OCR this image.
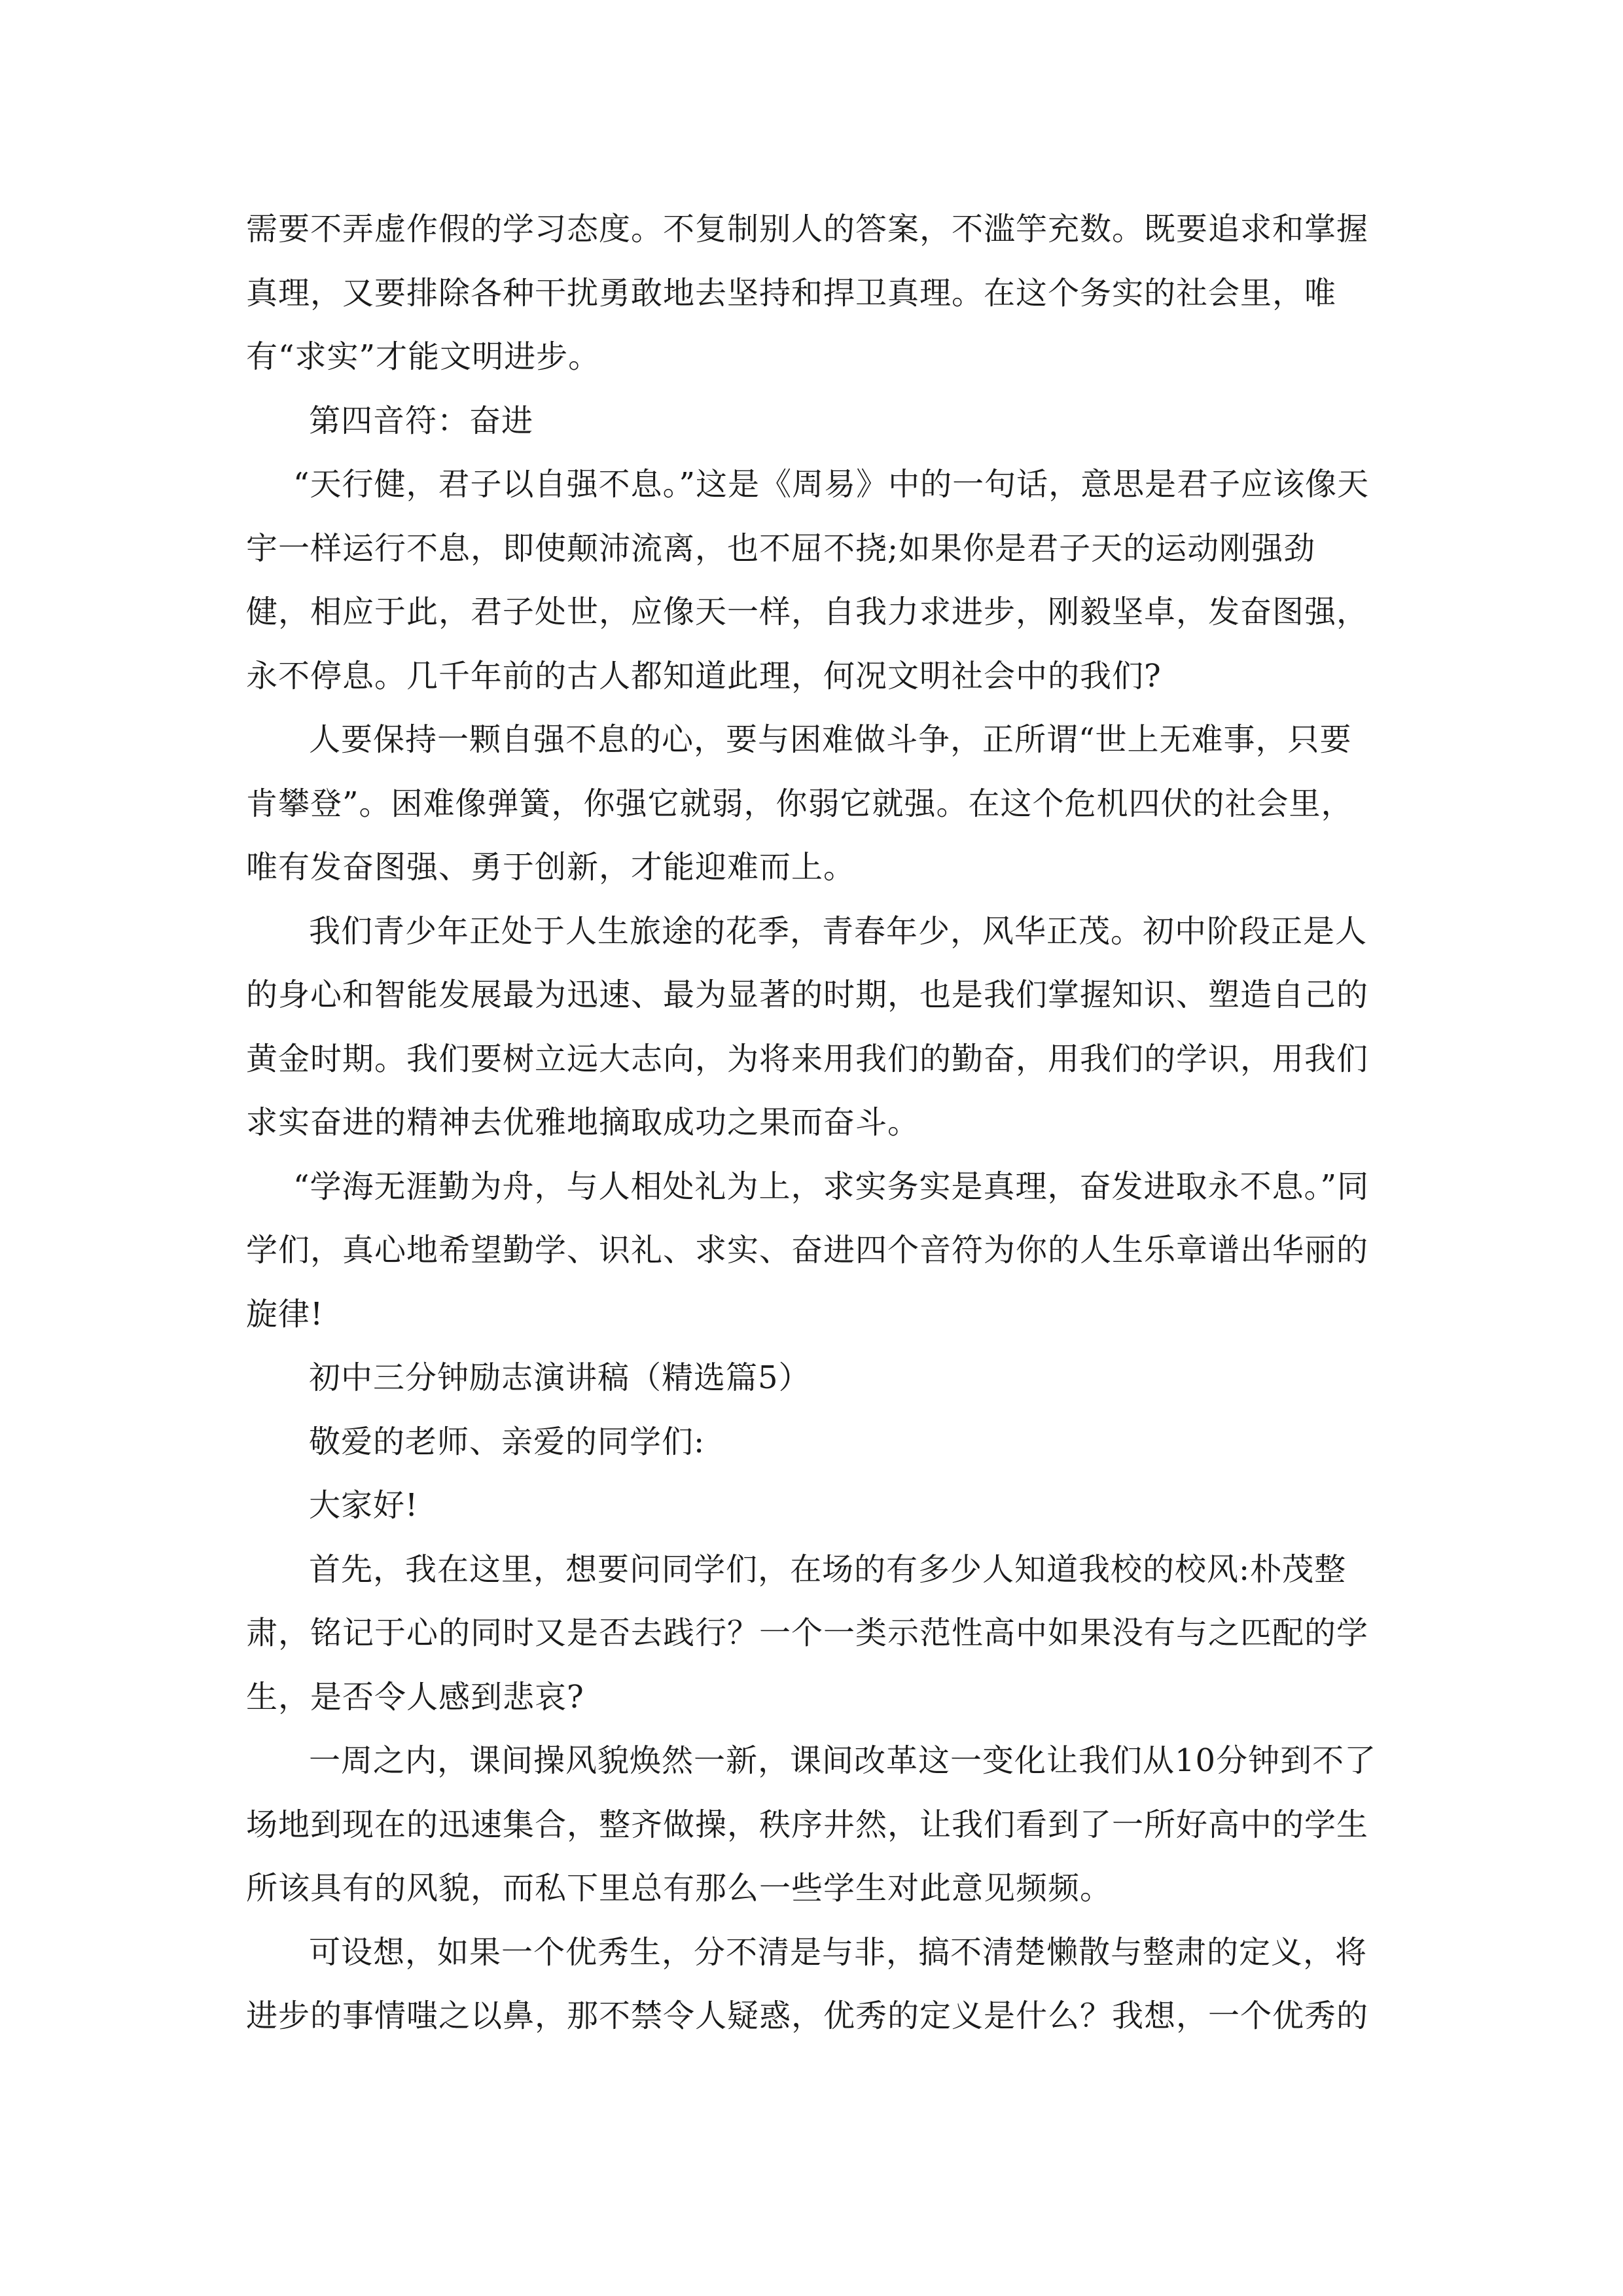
需要不弄虚作假的学习态度。不复制别人的答案，不滥竽充数。既要追求和掌握真理，又要排除各种干扰勇敢地去坚持和捍卫真理。在这个务实的社会里，唯有“求实”才能文明进步。

第四音符：奋进

“天行健，君子以自强不息。”这是《周易》中的一句话，意思是君子应该像天宇一样运行不息，即使颠沛流离，也不屈不挠;如果你是君子天的运动刚强劲健，相应于此，君子处世，应像天一样，自我力求进步，刚毅坚卓，发奋图强，永不停息。几千年前的古人都知道此理，何况文明社会中的我们?

人要保持一颗自强不息的心，要与困难做斗争，正所谓“世上无难事，只要肯攀登”。困难像弹簧，你强它就弱，你弱它就强。在这个危机四伏的社会里，唯有发奋图强、勇于创新，才能迎难而上。

我们青少年正处于人生旅途的花季，青春年少，风华正茂。初中阶段正是人的身心和智能发展最为迅速、最为显著的时期，也是我们掌握知识、塑造自己的黄金时期。我们要树立远大志向，为将来用我们的勤奋，用我们的学识，用我们求实奋进的精神去优雅地摘取成功之果而奋斗。

“学海无涯勤为舟，与人相处礼为上，求实务实是真理，奋发进取永不息。”同学们，真心地希望勤学、识礼、求实、奋进四个音符为你的人生乐章谱出华丽的旋律!

初中三分钟励志演讲稿（精选篇5）

敬爱的老师、亲爱的同学们:

大家好!

首先，我在这里，想要问同学们，在场的有多少人知道我校的校风:朴茂整肃，铭记于心的同时又是否去践行？一个一类示范性高中如果没有与之匹配的学生，是否令人感到悲哀?

一周之内，课间操风貌焕然一新，课间改革这一变化让我们从10分钟到不了场地到现在的迅速集合，整齐做操，秩序井然，让我们看到了一所好高中的学生所该具有的风貌，而私下里总有那么一些学生对此意见频频。

可设想，如果一个优秀生，分不清是与非，搞不清楚懒散与整肃的定义，将进步的事情嗤之以鼻，那不禁令人疑惑，优秀的定义是什么？我想，一个优秀的
